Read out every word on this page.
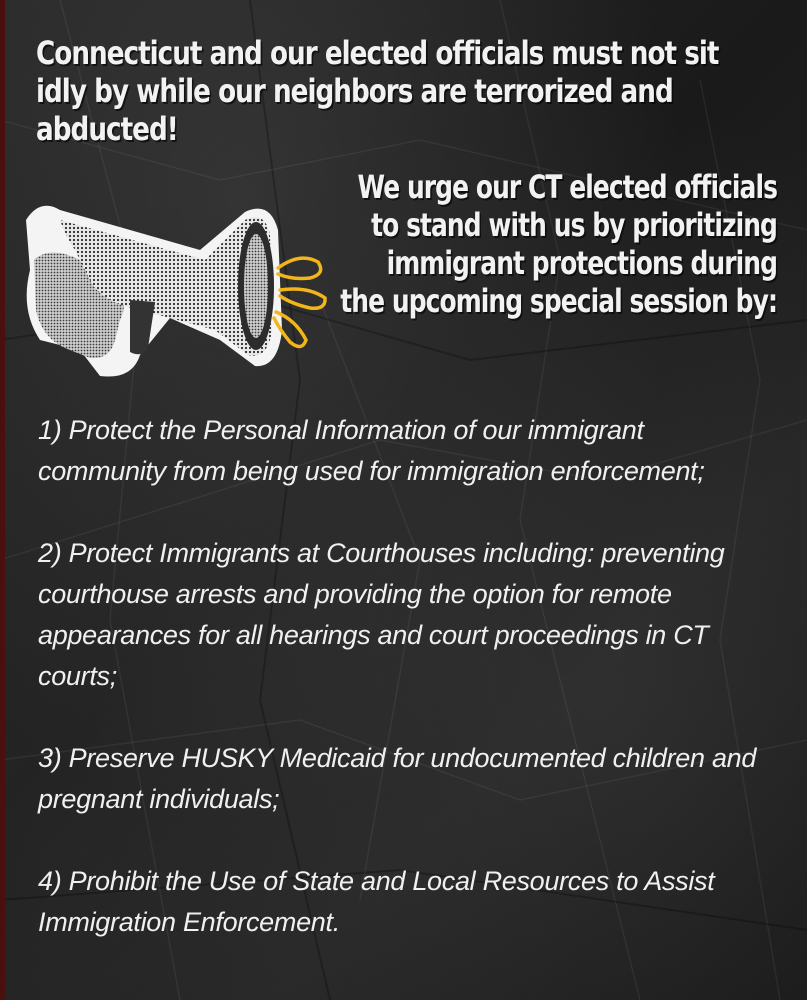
Connecticut and our elected officials must not sit idly by while our neighbors are terrorized and abducted!
We urge our CT elected officials to stand with us by prioritizing immigrant protections during the upcoming special session by:
1) Protect the Personal Information of our immigrant community from being used for immigration enforcement;
2) Protect Immigrants at Courthouses including: preventing courthouse arrests and providing the option for remote appearances for all hearings and court proceedings in CT courts;
3) Preserve HUSKY Medicaid for undocumented children and pregnant individuals;
4) Prohibit the Use of State and Local Resources to Assist Immigration Enforcement.
